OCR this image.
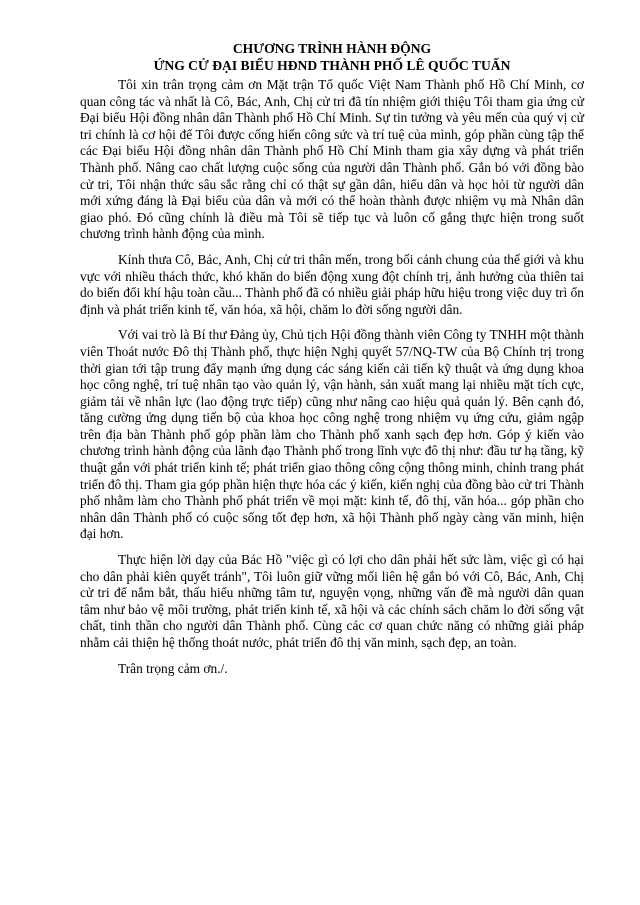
CHƯƠNG TRÌNH HÀNH ĐỘNG
ỨNG CỬ ĐẠI BIỂU HĐND THÀNH PHỐ LÊ QUỐC TUẤN

Tôi xin trân trọng cảm ơn Mặt trận Tổ quốc Việt Nam Thành phố Hồ Chí Minh, cơ quan công tác và nhất là Cô, Bác, Anh, Chị cử tri đã tín nhiệm giới thiệu Tôi tham gia ứng cử Đại biểu Hội đồng nhân dân Thành phố Hồ Chí Minh. Sự tin tưởng và yêu mến của quý vị cử tri chính là cơ hội để Tôi được cống hiến công sức và trí tuệ của mình, góp phần cùng tập thể các Đại biểu Hội đồng nhân dân Thành phố Hồ Chí Minh tham gia xây dựng và phát triển Thành phố. Nâng cao chất lượng cuộc sống của người dân Thành phố. Gắn bó với đồng bào cử tri, Tôi nhận thức sâu sắc rằng chỉ có thật sự gần dân, hiểu dân và học hỏi từ người dân mới xứng đáng là Đại biểu của dân và mới có thể hoàn thành được nhiệm vụ mà Nhân dân giao phó. Đó cũng chính là điều mà Tôi sẽ tiếp tục và luôn cố gắng thực hiện trong suốt chương trình hành động của mình.

Kính thưa Cô, Bác, Anh, Chị cử tri thân mến, trong bối cảnh chung của thế giới và khu vực với nhiều thách thức, khó khăn do biến động xung đột chính trị, ảnh hưởng của thiên tai do biến đổi khí hậu toàn cầu... Thành phố đã có nhiều giải pháp hữu hiệu trong việc duy trì ổn định và phát triển kinh tế, văn hóa, xã hội, chăm lo đời sống người dân.

Với vai trò là Bí thư Đảng ủy, Chủ tịch Hội đồng thành viên Công ty TNHH một thành viên Thoát nước Đô thị Thành phố, thực hiện Nghị quyết 57/NQ-TW của Bộ Chính trị trong thời gian tới tập trung đẩy mạnh ứng dụng các sáng kiến cải tiến kỹ thuật và ứng dụng khoa học công nghệ, trí tuệ nhân tạo vào quản lý, vận hành, sản xuất mang lại nhiều mặt tích cực, giảm tải về nhân lực (lao động trực tiếp) cũng như nâng cao hiệu quả quản lý. Bên cạnh đó, tăng cường ứng dụng tiến bộ của khoa học công nghệ trong nhiệm vụ ứng cứu, giảm ngập trên địa bàn Thành phố góp phần làm cho Thành phố xanh sạch đẹp hơn. Góp ý kiến vào chương trình hành động của lãnh đạo Thành phố trong lĩnh vực đô thị như: đầu tư hạ tầng, kỹ thuật gắn với phát triển kinh tế; phát triển giao thông công cộng thông minh, chỉnh trang phát triển đô thị. Tham gia góp phần hiện thực hóa các ý kiến, kiến nghị của đồng bào cử tri Thành phố nhằm làm cho Thành phố phát triển về mọi mặt: kinh tế, đô thị, văn hóa... góp phần cho nhân dân Thành phố có cuộc sống tốt đẹp hơn, xã hội Thành phố ngày càng văn minh, hiện đại hơn.

Thực hiện lời dạy của Bác Hồ "việc gì có lợi cho dân phải hết sức làm, việc gì có hại cho dân phải kiên quyết tránh", Tôi luôn giữ vững mối liên hệ gắn bó với Cô, Bác, Anh, Chị cử tri để nắm bắt, thấu hiểu những tâm tư, nguyện vọng, những vấn đề mà người dân quan tâm như bảo vệ môi trường, phát triển kinh tế, xã hội và các chính sách chăm lo đời sống vật chất, tinh thần cho người dân Thành phố. Cùng các cơ quan chức năng có những giải pháp nhằm cải thiện hệ thống thoát nước, phát triển đô thị văn minh, sạch đẹp, an toàn.

Trân trọng cảm ơn./.
